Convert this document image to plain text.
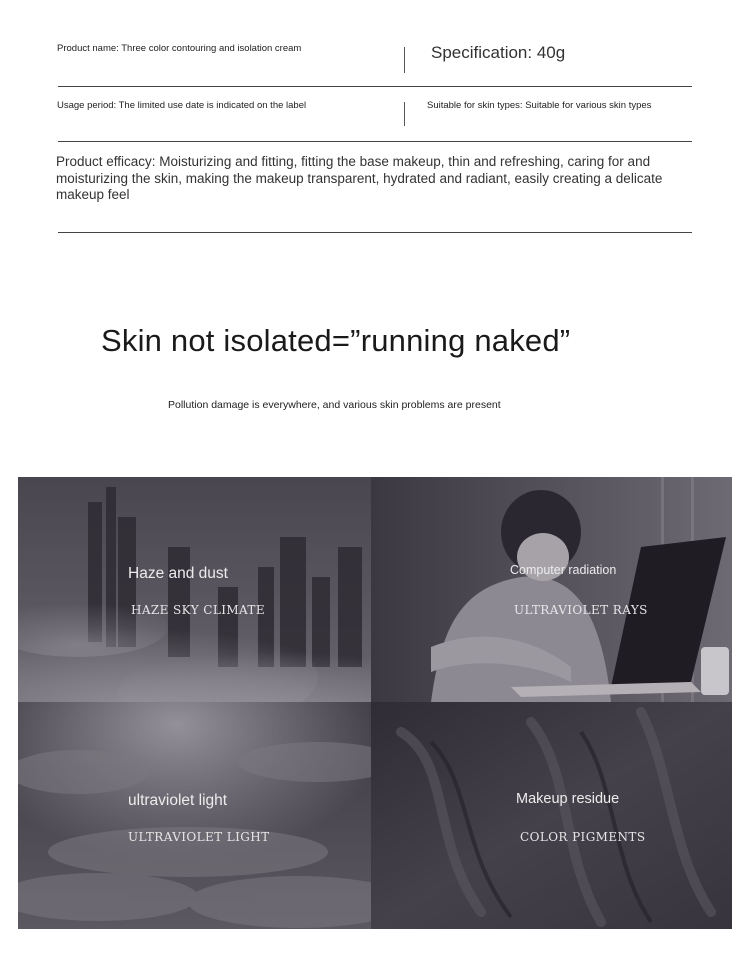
Product name: Three color contouring and isolation cream	Specification: 40g
Usage period: The limited use date is indicated on the label	Suitable for skin types: Suitable for various skin types
Product efficacy: Moisturizing and fitting, fitting the base makeup, thin and refreshing, caring for and moisturizing the skin, making the makeup transparent, hydrated and radiant, easily creating a delicate makeup feel
Skin not isolated=”running naked”
Pollution damage is everywhere, and various skin problems are present
Haze and dust
HAZE SKY CLIMATE
Computer radiation
ULTRAVIOLET RAYS
ultraviolet light
ULTRAVIOLET LIGHT
Makeup residue
COLOR PIGMENTS
